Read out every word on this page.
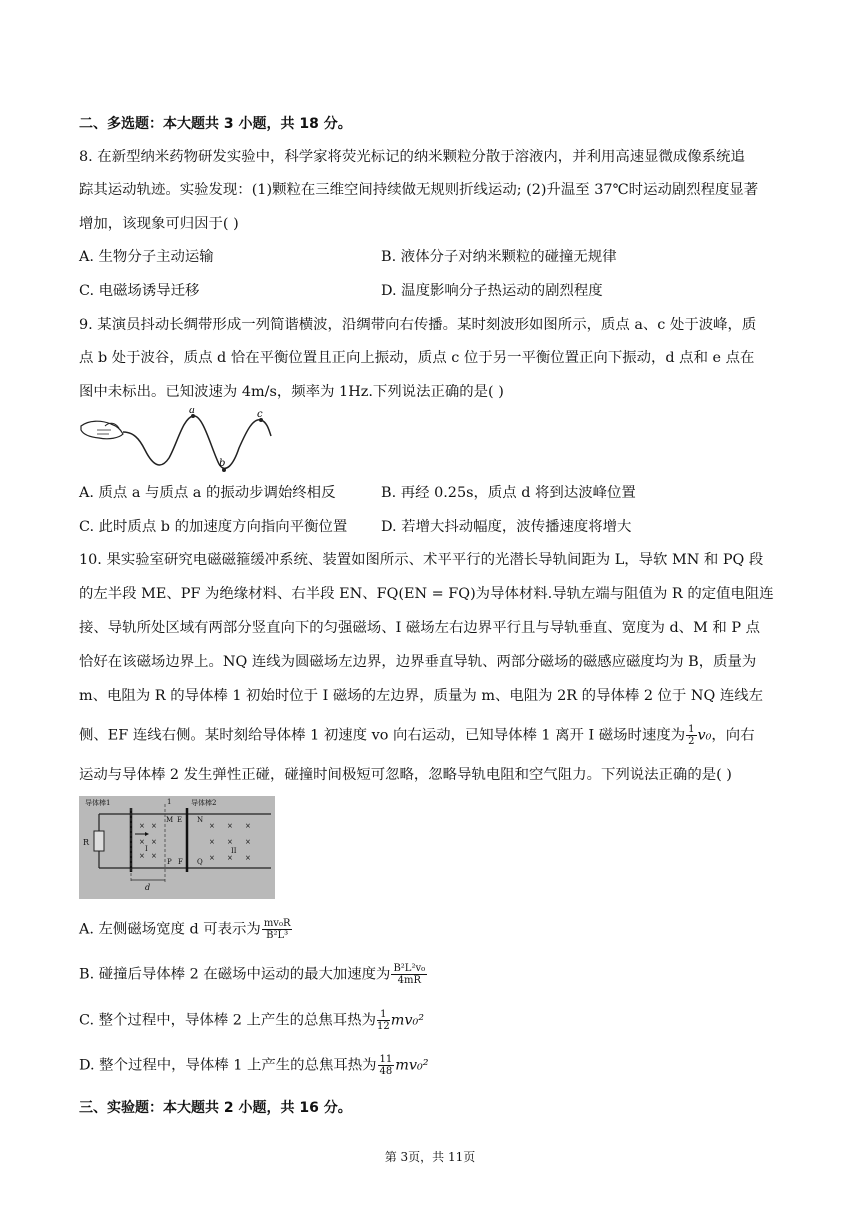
二、多选题：本大题共 3 小题，共 18 分。
8. 在新型纳米药物研发实验中，科学家将荧光标记的纳米颗粒分散于溶液内，并利用高速显微成像系统追
踪其运动轨迹。实验发现：(1)颗粒在三维空间持续做无规则折线运动; (2)升温至 37℃时运动剧烈程度显著
增加，该现象可归因于( )
A. 生物分子主动运输	B. 液体分子对纳米颗粒的碰撞无规律
C. 电磁场诱导迁移	D. 温度影响分子热运动的剧烈程度
9. 某演员抖动长绸带形成一列简谐横波，沿绸带向右传播。某时刻波形如图所示，质点 a、c 处于波峰，质
点 b 处于波谷，质点 d 恰在平衡位置且正向上振动，质点 c 位于另一平衡位置正向下振动，d 点和 e 点在
图中未标出。已知波速为 4m/s，频率为 1Hz.下列说法正确的是( )
a
b
c
A. 质点 a 与质点 a 的振动步调始终相反	B. 再经 0.25s，质点 d 将到达波峰位置
C. 此时质点 b 的加速度方向指向平衡位置 D. 若增大抖动幅度，波传播速度将增大
10. 果实验室研究电磁磁箍缓冲系统、装置如图所示、术平平行的光潜长导轨间距为 L，导软 MN 和 PQ 段
的左半段 ME、PF 为绝缘材料、右半段 EN、FQ(EN = FQ)为导体材料.导轨左端与阻值为 R 的定值电阻连
接、导轨所处区域有两部分竖直向下的匀强磁场、I 磁场左右边界平行且与导轨垂直、宽度为 d、M 和 P 点
恰好在该磁场边界上。NQ 连线为圆磁场左边界，边界垂直导轨、两部分磁场的磁感应磁度均为 B，质量为
m、电阻为 R 的导体棒 1 初始时位于 I 磁场的左边界，质量为 m、电阻为 2R 的导体棒 2 位于 NQ 连线左
侧、EF 连线右侧。某时刻给导体棒 1 初速度 vo 向右运动，已知导体棒 1 离开 Ⅰ 磁场时速度为 $\frac{1}{2} v_0$，向右
运动与导体棒 2 发生弹性正碰，碰撞时间极短可忽略，忽略导轨电阻和空气阻力。下列说法正确的是( )
R
导体棒1
× ×
× ×
× ×
I
1
M E
P F
导体棒2
N
Q
× × ×
× × ×
× × ×
II
d
A. 左侧磁场宽度 d 可表示为 $\frac{\text{mv₀R}}{\text{B²L³}}$
B. 碰撞后导体棒 2 在磁场中运动的最大加速度为 $\frac{\text{B²L²v₀}}{4mR}$
C. 整个过程中，导体棒 2 上产生的总焦耳热为 $\frac{1}{12} mv_0^2$
D. 整个过程中，导体棒 1 上产生的总焦耳热为 $\frac{11}{48} mv_0^2$
三、实验题：本大题共 2 小题，共 16 分。
第 3页，共 11页
